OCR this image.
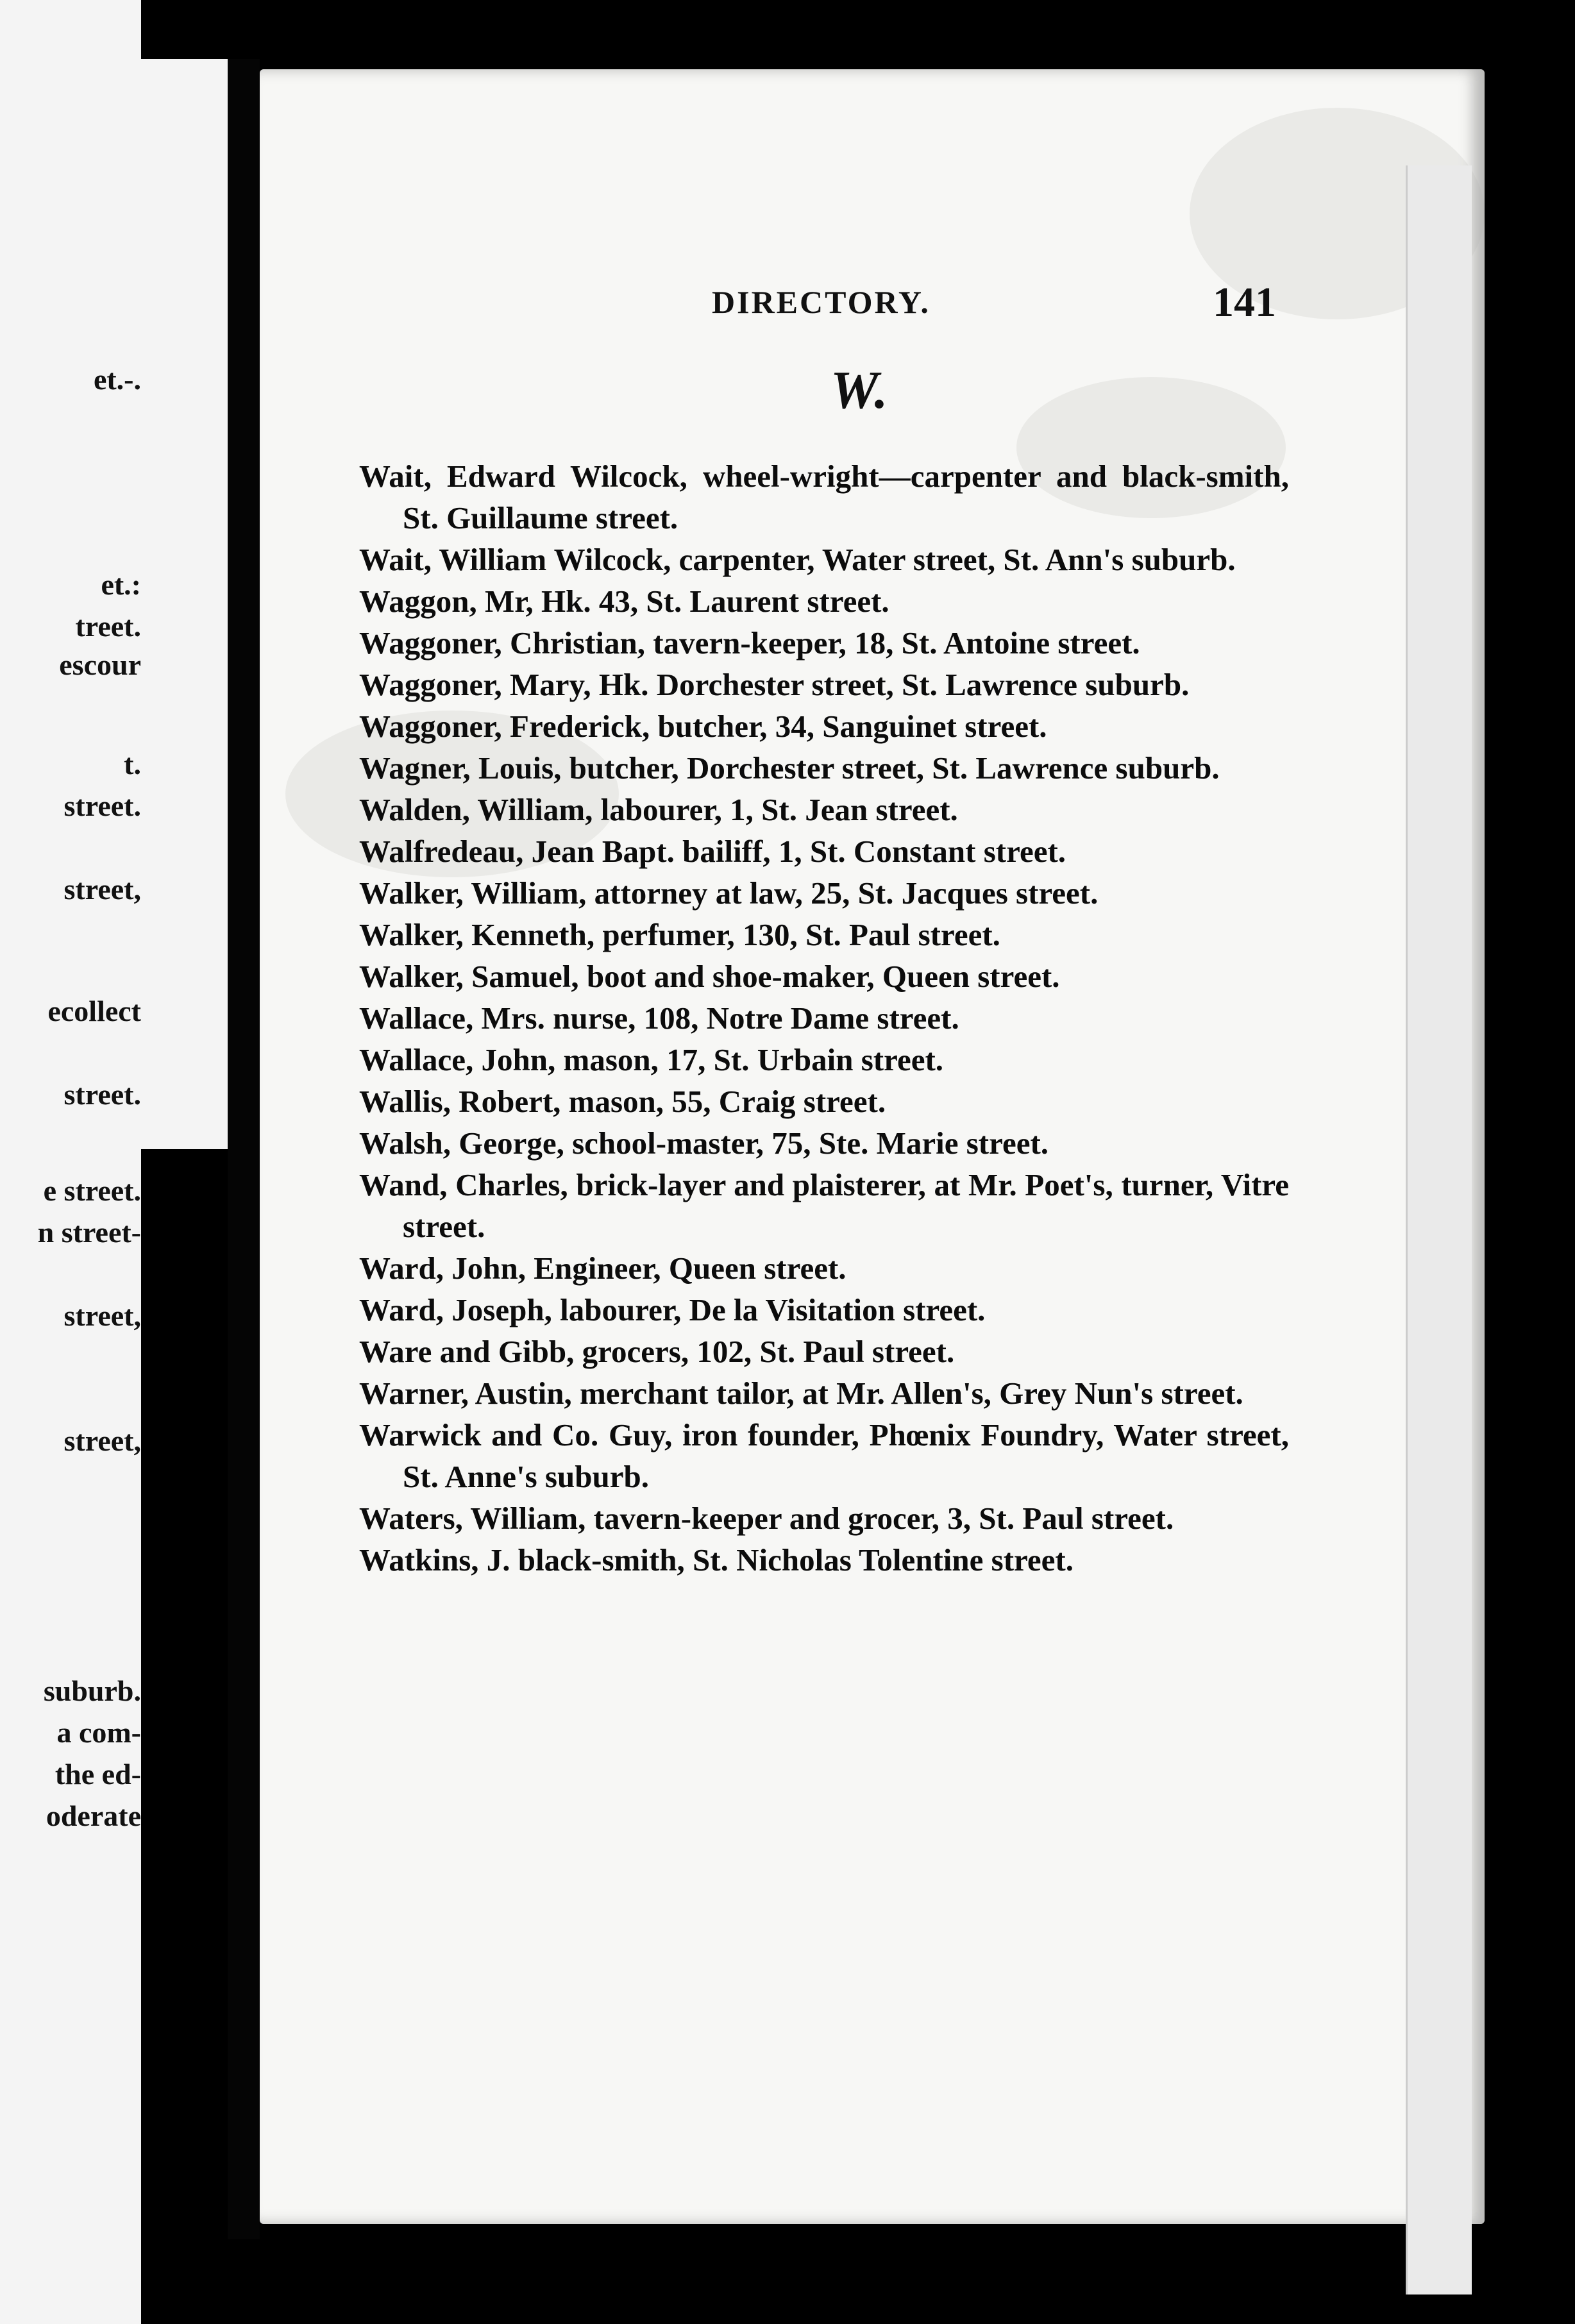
et.-.
et.:
treet.
escour
t.
street.
street,
ecollect
street.
e street.
n street-
street,
street,
suburb.
a com-
the ed-
oderate
DIRECTORY.	141
W.
Wait, Edward Wilcock, wheel-wright—carpenter and black-smith, St. Guillaume street.
Wait, William Wilcock, carpenter, Water street, St. Ann's suburb.
Waggon, Mr, Hk. 43, St. Laurent street.
Waggoner, Christian, tavern-keeper, 18, St. Antoine street.
Waggoner, Mary, Hk. Dorchester street, St. Lawrence suburb.
Waggoner, Frederick, butcher, 34, Sanguinet street.
Wagner, Louis, butcher, Dorchester street, St. Lawrence suburb.
Walden, William, labourer, 1, St. Jean street.
Walfredeau, Jean Bapt. bailiff, 1, St. Constant street.
Walker, William, attorney at law, 25, St. Jacques street.
Walker, Kenneth, perfumer, 130, St. Paul street.
Walker, Samuel, boot and shoe-maker, Queen street.
Wallace, Mrs. nurse, 108, Notre Dame street.
Wallace, John, mason, 17, St. Urbain street.
Wallis, Robert, mason, 55, Craig street.
Walsh, George, school-master, 75, Ste. Marie street.
Wand, Charles, brick-layer and plaisterer, at Mr. Poet's, turner, Vitre street.
Ward, John, Engineer, Queen street.
Ward, Joseph, labourer, De la Visitation street.
Ware and Gibb, grocers, 102, St. Paul street.
Warner, Austin, merchant tailor, at Mr. Allen's, Grey Nun's street.
Warwick and Co. Guy, iron founder, Phœnix Foundry, Water street, St. Anne's suburb.
Waters, William, tavern-keeper and grocer, 3, St. Paul street.
Watkins, J. black-smith, St. Nicholas Tolentine street.
